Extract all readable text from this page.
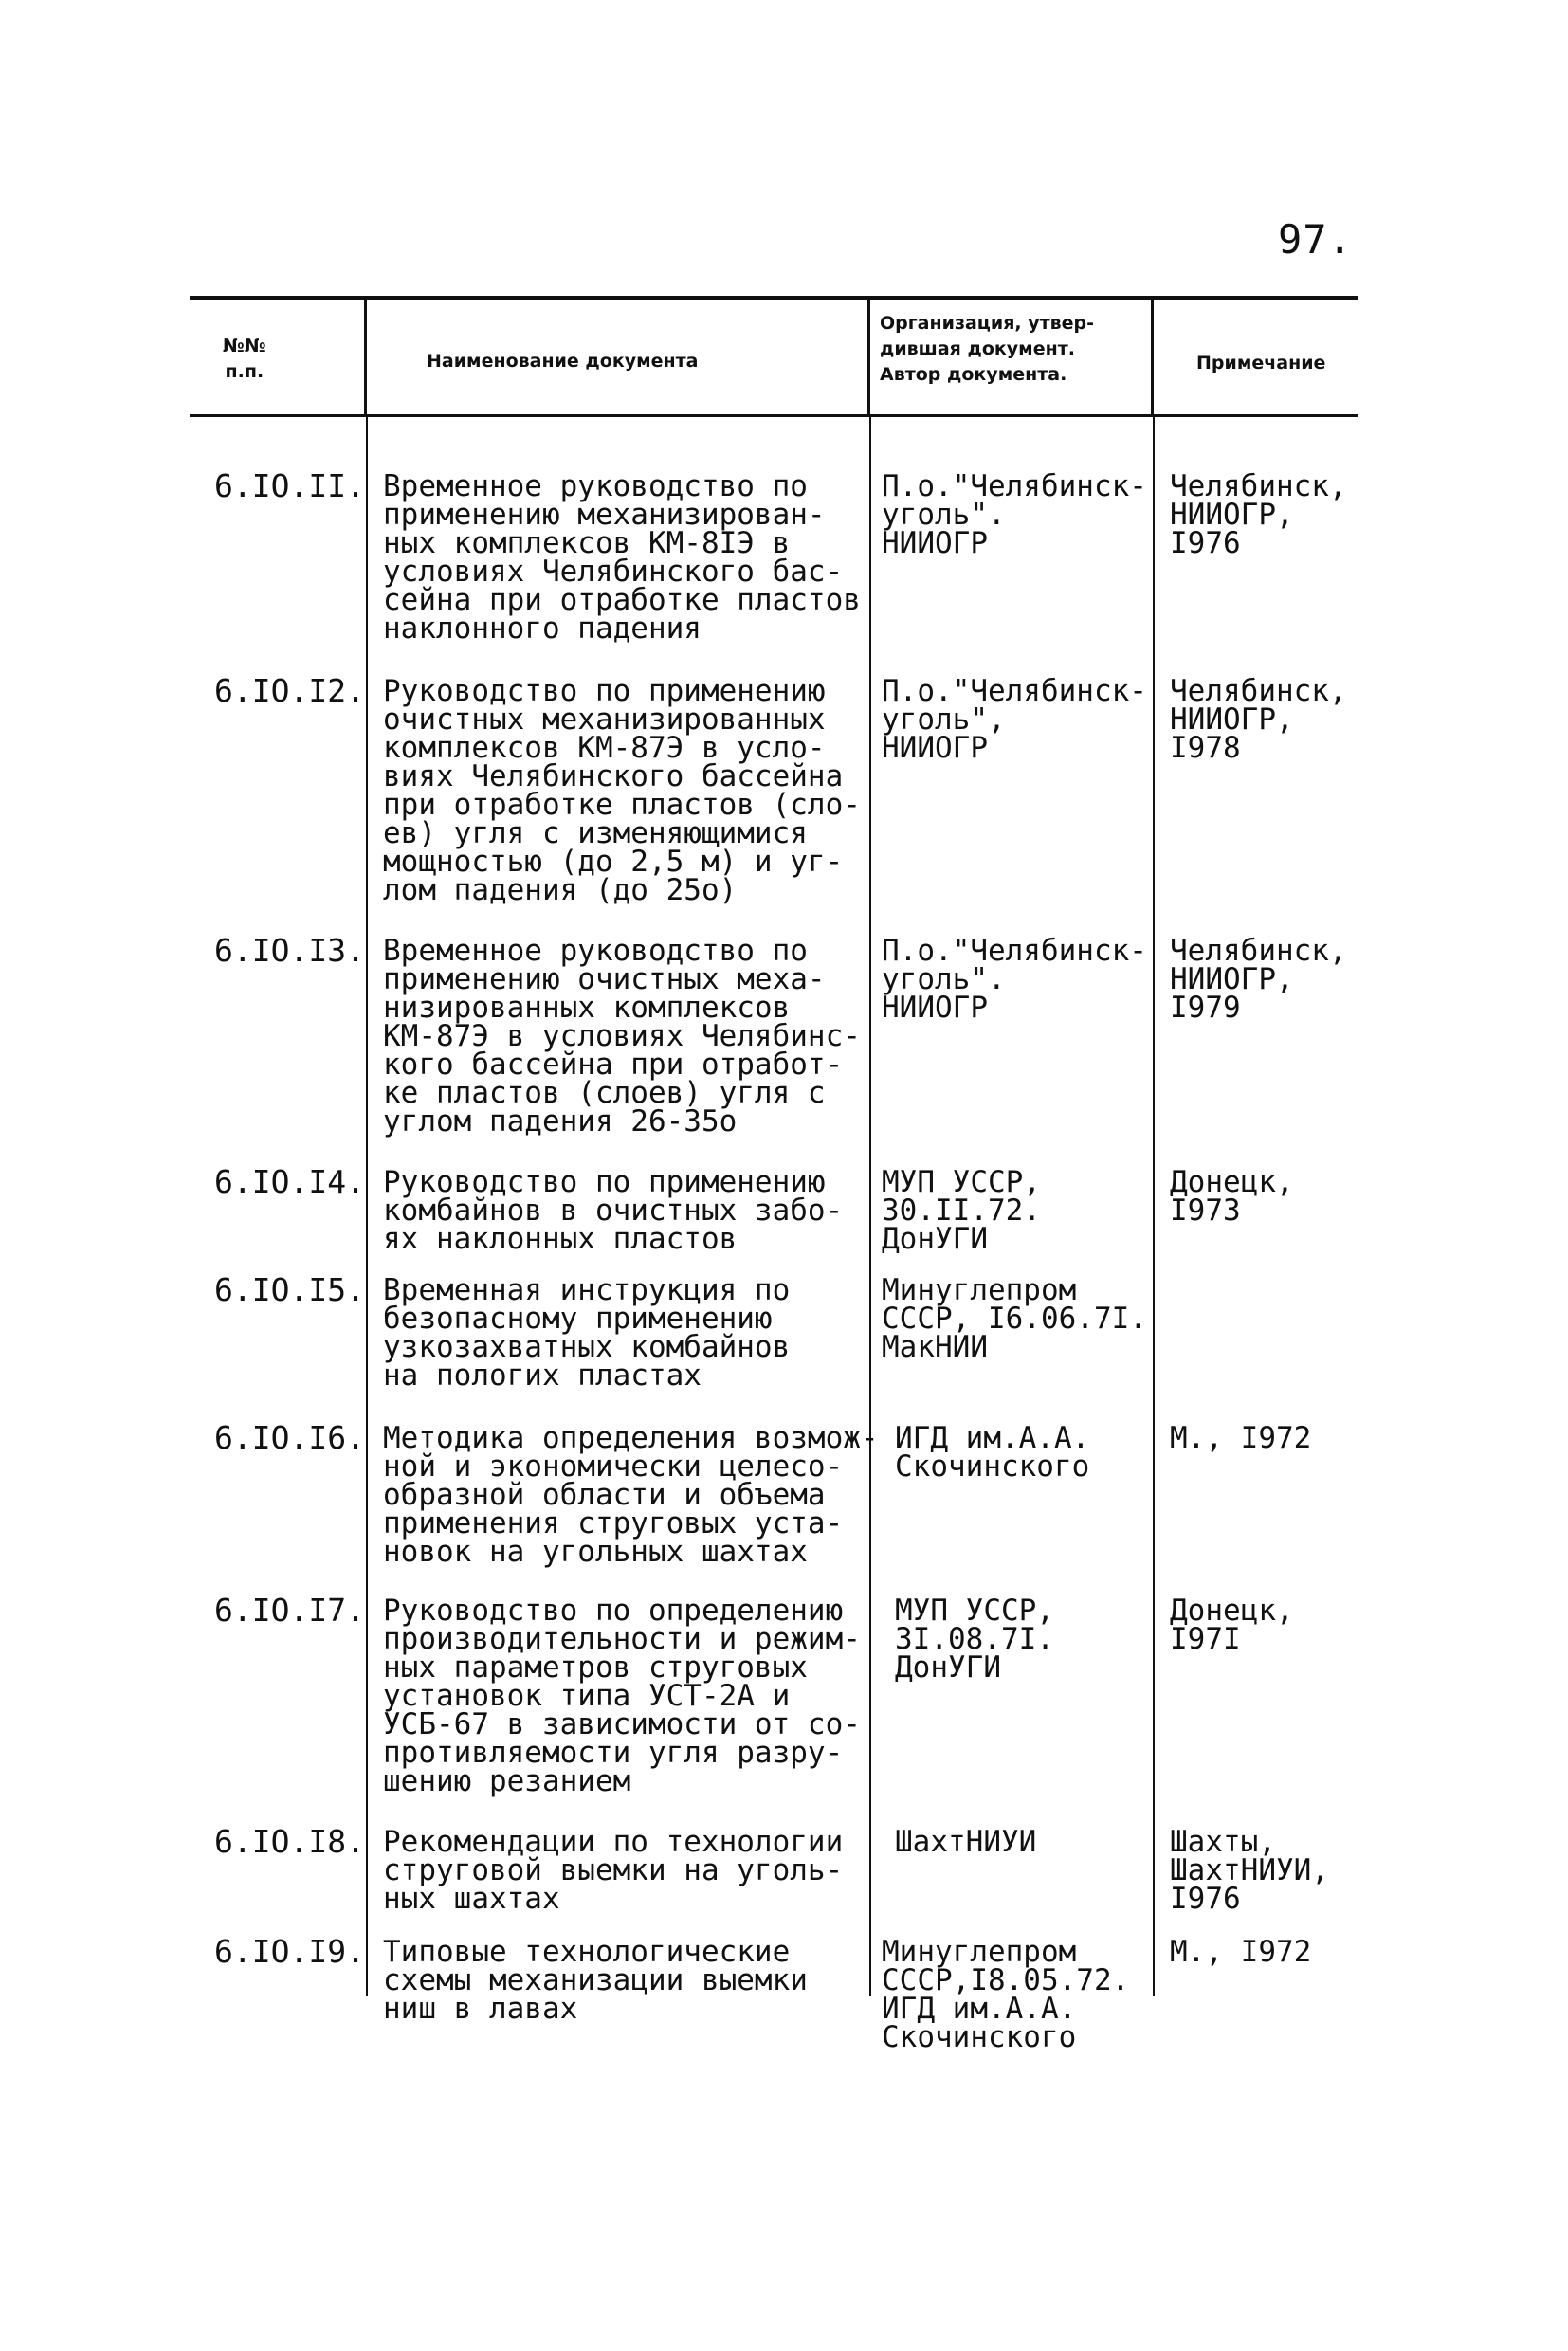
97.
№№
п.п.	Наименование документа
Организация, утвер-
дившая документ.
Автор документа.
Примечание
6.IO.II. Временное руководство по
применению механизирован-
ных комплексов КМ-8IЭ в
условиях Челябинского бас-
сейна при отработке пластов
наклонного падения
П.о."Челябинск-
уголь".
НИИОГР
Челябинск,
НИИОГР,
I976
6.IO.I2. Руководство по применению
очистных механизированных
комплексов КМ-87Э в усло-
виях Челябинского бассейна
при отработке пластов (сло-
ев) угля с изменяющимися
мощностью (до 2,5 м) и уг-
лом падения (до 25о)
П.о."Челябинск-
уголь",
НИИОГР
Челябинск,
НИИОГР,
I978
6.IO.I3. Временное руководство по
применению очистных меха-
низированных комплексов
КМ-87Э в условиях Челябинс-
кого бассейна при отработ-
ке пластов (слоев) угля с
углом падения 26-35о
П.о."Челябинск-
уголь".
НИИОГР
Челябинск,
НИИОГР,
I979
6.IO.I4. Руководство по применению
комбайнов в очистных забо-
ях наклонных пластов
МУП УССР,
30.II.72.
ДонУГИ
Донецк,
I973
6.IO.I5. Временная инструкция по
безопасному применению
узкозахватных комбайнов
на пологих пластах
Минуглепром
СССР, I6.06.7I.
МакНИИ
6.IO.I6. Методика определения возмож-
ной и экономически целесо-
образной области и объема
применения струговых уста-
новок на угольных шахтах
ИГД им.А.А.
Скочинского
М., I972
6.IO.I7. Руководство по определению
производительности и режим-
ных параметров струговых
установок типа УСТ-2А и
УСБ-67 в зависимости от со-
противляемости угля разру-
шению резанием
МУП УССР,
3I.08.7I.
ДонУГИ
Донецк,
I97I
6.IO.I8. Рекомендации по технологии
струговой выемки на уголь-
ных шахтах
ШахтНИУИ	Шахты,
ШахтНИУИ,
I976
6.IO.I9. Типовые технологические
схемы механизации выемки
ниш в лавах
Минуглепром
СССР,I8.05.72.
ИГД им.А.А.
Скочинского
М., I972
